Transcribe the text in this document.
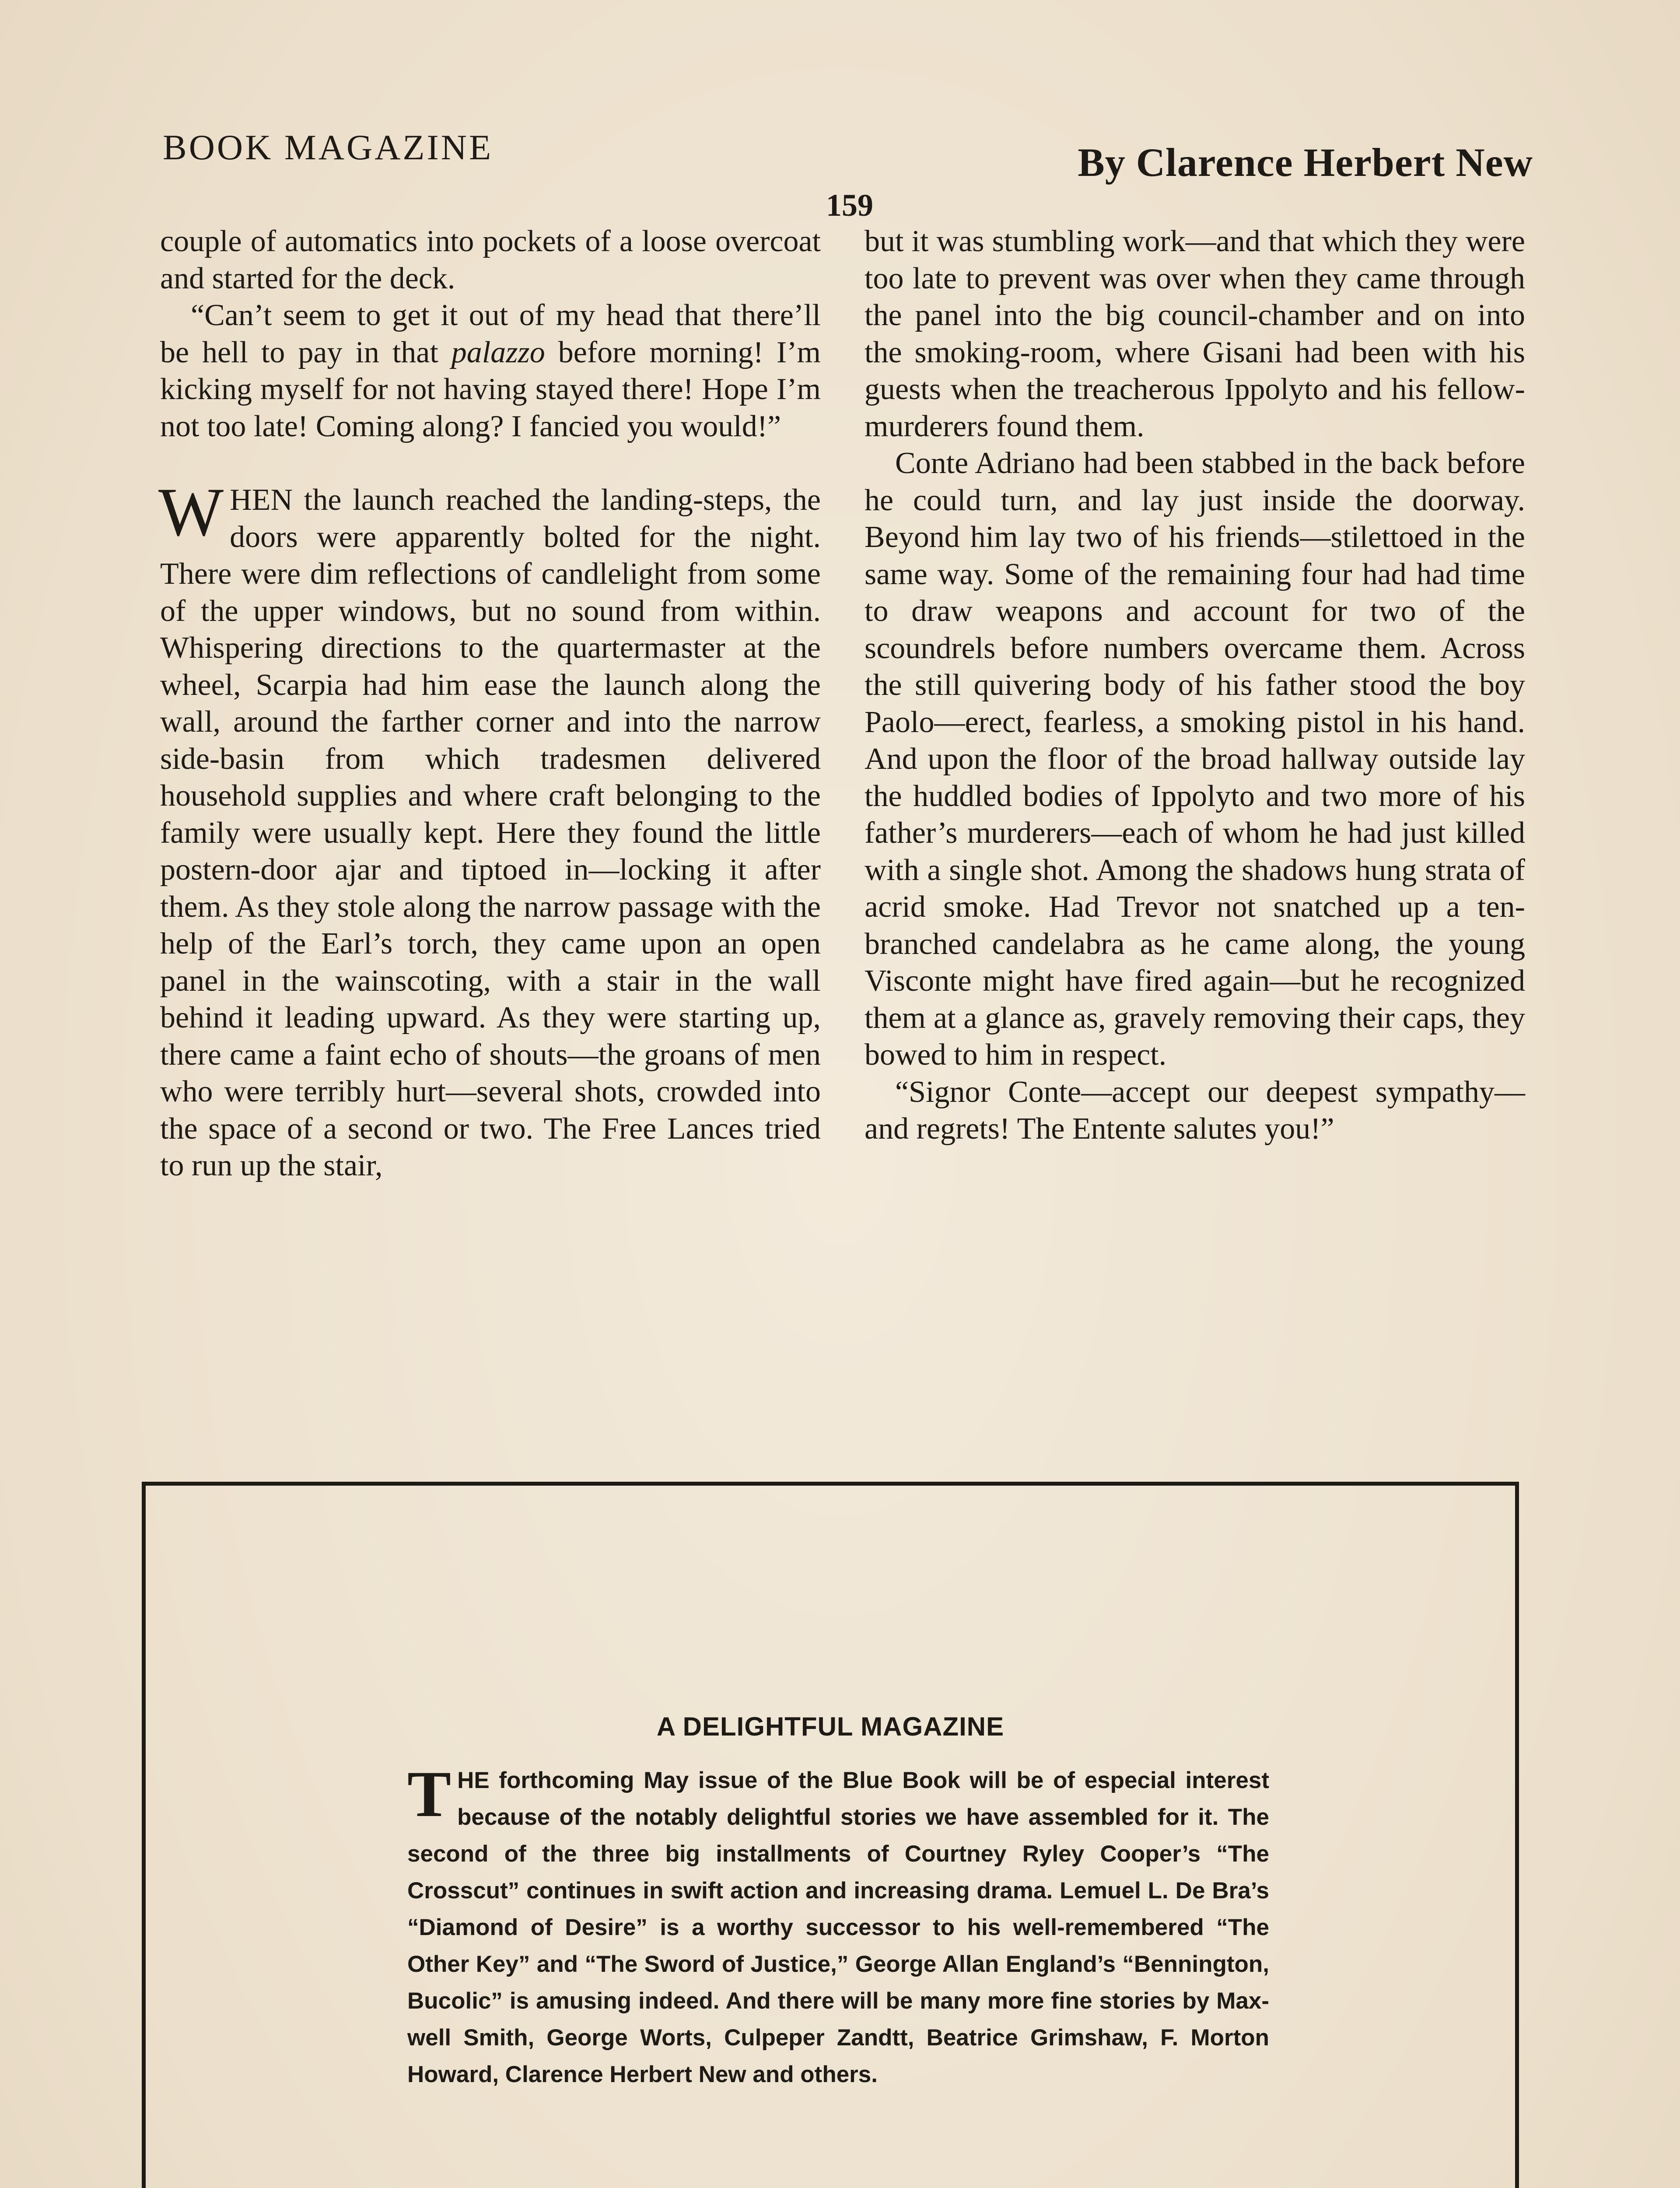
BOOK MAGAZINE	By Clarence Herbert New
159

couple of automatics into pockets of a loose overcoat and started for the deck.

“Can’t seem to get it out of my head that there’ll be hell to pay in that palazzo before morning! I’m kicking myself for not having stayed there! Hope I’m not too late! Coming along? I fancied you would!”

WHEN the launch reached the landing-steps, the doors were apparently bolted for the night. There were dim reflections of candlelight from some of the upper windows, but no sound from within. Whispering directions to the quartermaster at the wheel, Scarpia had him ease the launch along the wall, around the farther corner and into the narrow side-basin from which tradesmen delivered household supplies and where craft belonging to the family were usually kept. Here they found the little postern-door ajar and tiptoed in—locking it after them. As they stole along the narrow passage with the help of the Earl’s torch, they came upon an open panel in the wainscoting, with a stair in the wall behind it leading upward. As they were starting up, there came a faint echo of shouts—the groans of men who were terribly hurt—several shots, crowded into the space of a second or two. The Free Lances tried to run up the stair,

but it was stumbling work—and that which they were too late to prevent was over when they came through the panel into the big council-chamber and on into the smoking-room, where Gisani had been with his guests when the treacherous Ippolyto and his fellow-murderers found them.

Conte Adriano had been stabbed in the back before he could turn, and lay just inside the doorway. Beyond him lay two of his friends—stilettoed in the same way. Some of the remaining four had had time to draw weapons and account for two of the scoundrels before numbers overcame them. Across the still quivering body of his father stood the boy Paolo—erect, fearless, a smoking pistol in his hand. And upon the floor of the broad hallway outside lay the huddled bodies of Ippolyto and two more of his father’s murderers—each of whom he had just killed with a single shot. Among the shadows hung strata of acrid smoke. Had Trevor not snatched up a ten-branched candelabra as he came along, the young Visconte might have fired again—but he recognized them at a glance as, gravely removing their caps, they bowed to him in respect.

“Signor Conte—accept our deepest sympathy—and regrets! The Entente salutes you!”

A DELIGHTFUL MAGAZINE

THE forthcoming May issue of the Blue Book will be of especial interest because of the notably delightful stories we have assembled for it. The second of the three big installments of Courtney Ryley Cooper’s “The Crosscut” continues in swift action and increasing drama. Lemuel L. De Bra’s “Diamond of Desire” is a worthy successor to his well-remembered “The Other Key” and “The Sword of Justice,” George Allan England’s “Bennington, Bucolic” is amusing indeed. And there will be many more fine stories by Maxwell Smith, George Worts, Culpeper Zandtt, Beatrice Grimshaw, F. Morton Howard, Clarence Herbert New and others.
